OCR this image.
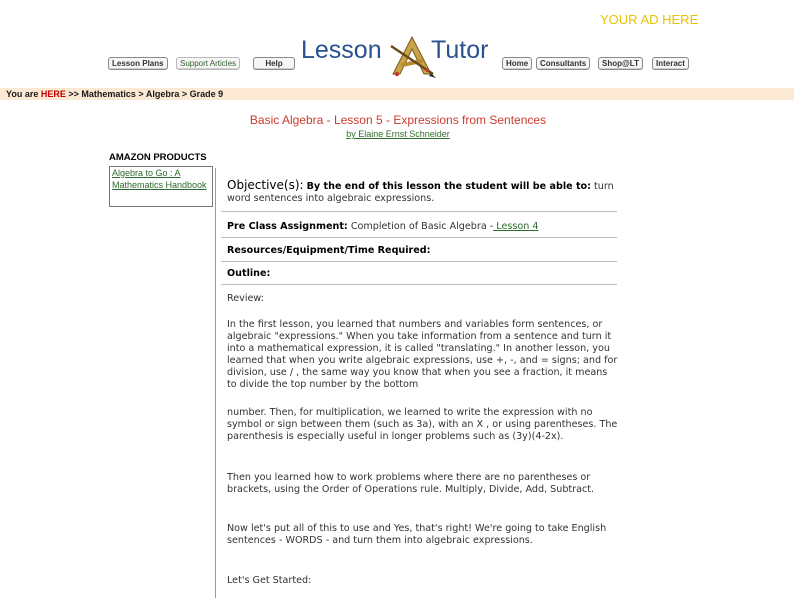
YOUR AD HERE
Lesson Plans	Support Articles	Help Lesson Tutor	Home	Consultants	Shop@LT	Interact
You are HERE >> Mathematics > Algebra > Grade 9
Basic Algebra - Lesson 5 - Expressions from Sentences
by Elaine Ernst Schneider
AMAZON PRODUCTS
Algebra to Go : A Mathematics Handbook Objective(s): By the end of this lesson the student will be able to: turn word sentences into algebraic expressions.
Pre Class Assignment: Completion of Basic Algebra - Lesson 4
Resources/Equipment/Time Required:
Outline:
Review:
In the first lesson, you learned that numbers and variables form sentences, or algebraic "expressions." When you take information from a sentence and turn it into a mathematical expression, it is called "translating." In another lesson, you learned that when you write algebraic expressions, use +, -, and = signs; and for division, use / , the same way you know that when you see a fraction, it means to divide the top number by the bottom
number. Then, for multiplication, we learned to write the expression with no symbol or sign between them (such as 3a), with an X , or using parentheses. The parenthesis is especially useful in longer problems such as (3y)(4-2x).
Then you learned how to work problems where there are no parentheses or brackets, using the Order of Operations rule. Multiply, Divide, Add, Subtract.
Now let's put all of this to use and Yes, that's right! We're going to take English sentences - WORDS - and turn them into algebraic expressions.
Let's Get Started:
